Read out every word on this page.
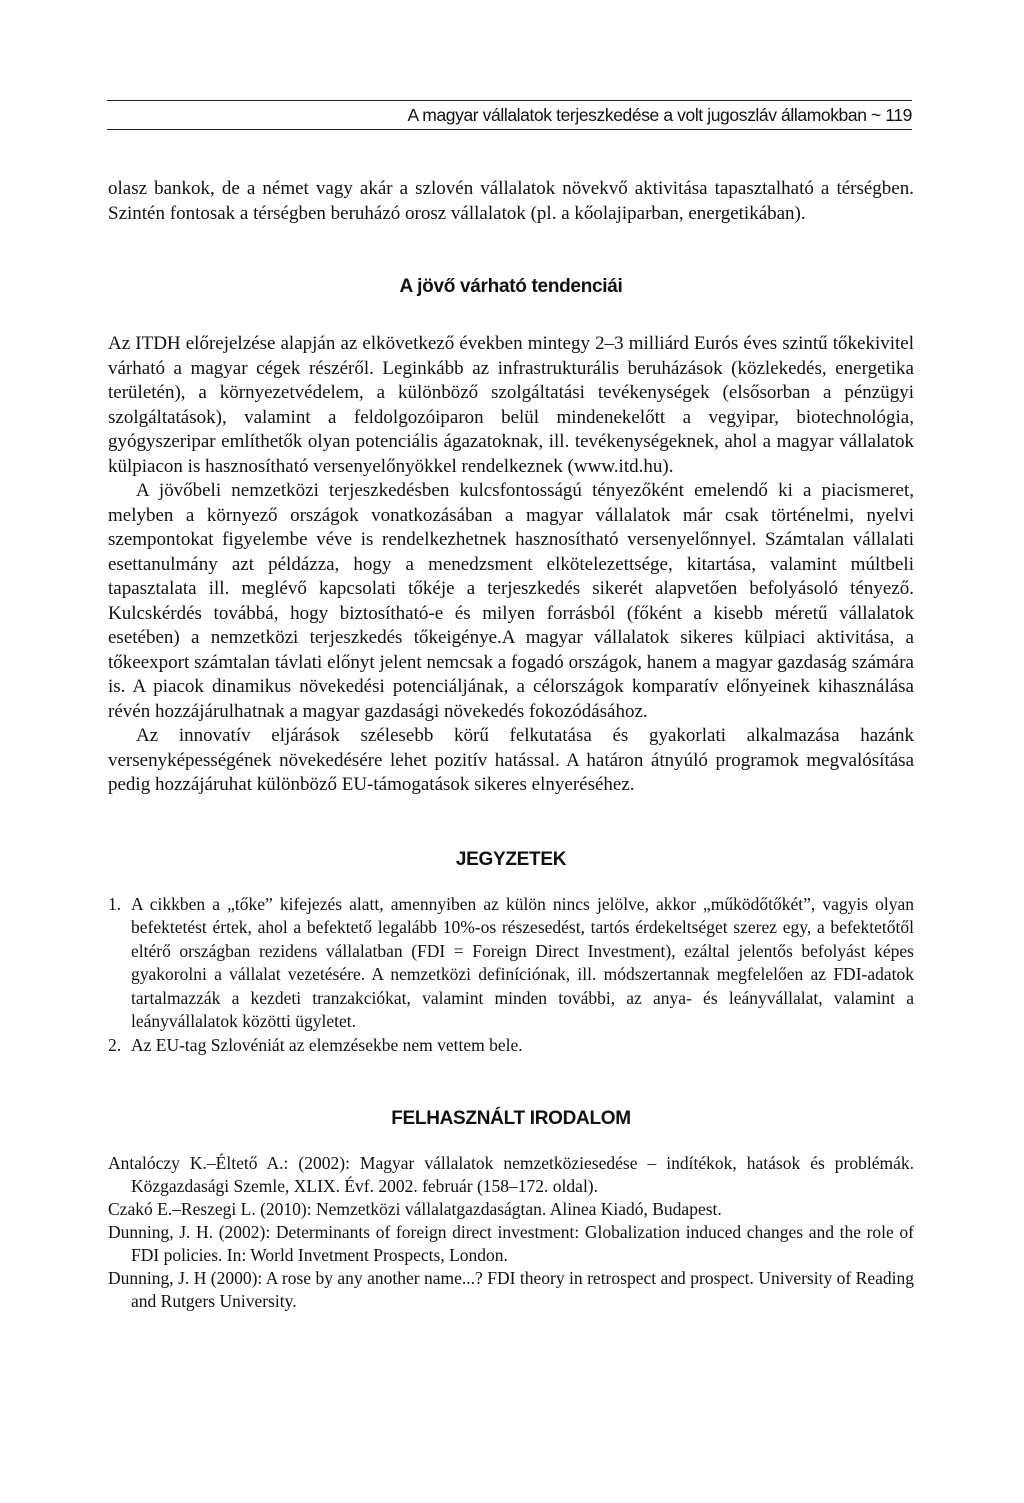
A magyar vállalatok terjeszkedése a volt jugoszláv államokban ~ 119

olasz bankok, de a német vagy akár a szlovén vállalatok növekvő aktivitása tapasztalható a térségben. Szintén fontosak a térségben beruházó orosz vállalatok (pl. a kőolajiparban, energetikában).

A jövő várható tendenciái

Az ITDH előrejelzése alapján az elkövetkező években mintegy 2–3 milliárd Eurós éves szintű tőkekivitel várható a magyar cégek részéről. Leginkább az infrastrukturális beruházások (közlekedés, energetika területén), a környezetvédelem, a különböző szolgáltatási tevékenységek (elsősorban a pénzügyi szolgáltatások), valamint a feldolgozóiparon belül mindenekelőtt a vegyipar, biotechnológia, gyógyszeripar említhetők olyan potenciális ágazatoknak, ill. tevékenységeknek, ahol a magyar vállalatok külpiacon is hasznosítható versenyelőnyökkel rendelkeznek (www.itd.hu).

A jövőbeli nemzetközi terjeszkedésben kulcsfontosságú tényezőként emelendő ki a piacismeret, melyben a környező országok vonatkozásában a magyar vállalatok már csak történelmi, nyelvi szempontokat figyelembe véve is rendelkezhetnek hasznosítható versenyelőnnyel. Számtalan vállalati esettanulmány azt példázza, hogy a menedzsment elkötelezettsége, kitartása, valamint múltbeli tapasztalata ill. meglévő kapcsolati tőkéje a terjeszkedés sikerét alapvetően befolyásoló tényező. Kulcskérdés továbbá, hogy biztosítható-e és milyen forrásból (főként a kisebb méretű vállalatok esetében) a nemzetközi terjeszkedés tőkeigénye.A magyar vállalatok sikeres külpiaci aktivitása, a tőkeexport számtalan távlati előnyt jelent nemcsak a fogadó országok, hanem a magyar gazdaság számára is. A piacok dinamikus növekedési potenciáljának, a célországok komparatív előnyeinek kihasználása révén hozzájárulhatnak a magyar gazdasági növekedés fokozódásához.

Az innovatív eljárások szélesebb körű felkutatása és gyakorlati alkalmazása hazánk versenyképességének növekedésére lehet pozitív hatással. A határon átnyúló programok megvalósítása pedig hozzájáruhat különböző EU-támogatások sikeres elnyeréséhez.

JEGYZETEK
1. A cikkben a „tőke” kifejezés alatt, amennyiben az külön nincs jelölve, akkor „működőtőkét”, vagyis olyan befektetést értek, ahol a befektető legalább 10%-os részesedést, tartós érdekeltséget szerez egy, a befektetőtől eltérő országban rezidens vállalatban (FDI = Foreign Direct Investment), ezáltal jelentős befolyást képes gyakorolni a vállalat vezetésére. A nemzetközi definíciónak, ill. módszertannak megfelelően az FDI-adatok tartalmazzák a kezdeti tranzakciókat, valamint minden további, az anya- és leányvállalat, valamint a leányvállalatok közötti ügyletet.
2. Az EU-tag Szlovéniát az elemzésekbe nem vettem bele.
FELHASZNÁLT IRODALOM
Antalóczy K.–Éltető A.: (2002): Magyar vállalatok nemzetköziesedése – indítékok, hatások és problémák. Közgazdasági Szemle, XLIX. Évf. 2002. február (158–172. oldal).
Czakó E.–Reszegi L. (2010): Nemzetközi vállalatgazdaságtan. Alinea Kiadó, Budapest.
Dunning, J. H. (2002): Determinants of foreign direct investment: Globalization induced changes and the role of FDI policies. In: World Invetment Prospects, London.
Dunning, J. H (2000): A rose by any another name...? FDI theory in retrospect and prospect. University of Reading and Rutgers University.
